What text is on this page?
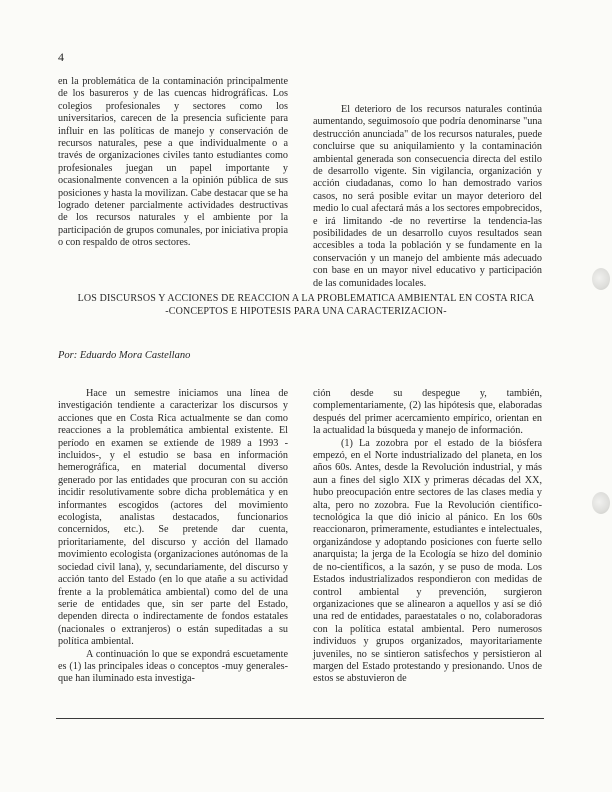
4

en la problemática de la contaminación principalmente de los basureros y de las cuencas hidrográficas. Los colegios profesionales y sectores como los universitarios, carecen de la presencia suficiente para influir en las políticas de manejo y conservación de recursos naturales, pese a que individualmente o a través de organizaciones civiles tanto estudiantes como profesionales juegan un papel importante y ocasionalmente convencen a la opinión pública de sus posiciones y hasta la movilizan. Cabe destacar que se ha logrado detener parcialmente actividades destructivas de los recursos naturales y el ambiente por la participación de grupos comunales, por iniciativa propia o con respaldo de otros sectores.

El deterioro de los recursos naturales continúa aumentando, seguimosoío que podría denominarse "una destrucción anunciada" de los recursos naturales, puede concluirse que su aniquilamiento y la contaminación ambiental generada son consecuencia directa del estilo de desarrollo vigente. Sin vigilancia, organización y acción ciudadanas, como lo han demostrado varios casos, no será posible evitar un mayor deterioro del medio lo cual afectará más a los sectores empobrecidos, e irá limitando -de no revertirse la tendencia-las posibilidades de un desarrollo cuyos resultados sean accesibles a toda la población y se fundamente en la conservación y un manejo del ambiente más adecuado con base en un mayor nivel educativo y participación de las comunidades locales.

LOS DISCURSOS Y ACCIONES DE REACCION A LA PROBLEMATICA AMBIENTAL EN COSTA RICA
-CONCEPTOS E HIPOTESIS PARA UNA CARACTERIZACION-
Por: Eduardo Mora Castellano

Hace un semestre iniciamos una línea de investigación tendiente a caracterizar los discursos y acciones que en Costa Rica actualmente se dan como reacciones a la problemática ambiental existente. El período en examen se extiende de 1989 a 1993 -incluidos-, y el estudio se basa en información hemerográfica, en material documental diverso generado por las entidades que procuran con su acción incidir resolutivamente sobre dicha problemática y en informantes escogidos (actores del movimiento ecologista, analistas destacados, funcionarios concernidos, etc.). Se pretende dar cuenta, prioritariamente, del discurso y acción del llamado movimiento ecologista (organizaciones autónomas de la sociedad civil lana), y, secundariamente, del discurso y acción tanto del Estado (en lo que atañe a su actividad frente a la problemática ambiental) como del de una serie de entidades que, sin ser parte del Estado, dependen directa o indirectamente de fondos estatales (nacionales o extranjeros) o están supeditadas a su política ambiental.

A continuación lo que se expondrá escuetamente es (1) las principales ideas o conceptos -muy generales- que han iluminado esta investiga-

ción desde su despegue y, también, complementariamente, (2) las hipótesis que, elaboradas después del primer acercamiento empírico, orientan en la actualidad la búsqueda y manejo de información.

(1) La zozobra por el estado de la biósfera empezó, en el Norte industrializado del planeta, en los años 60s. Antes, desde la Revolución industrial, y más aun a fines del siglo XIX y primeras décadas del XX, hubo preocupación entre sectores de las clases media y alta, pero no zozobra. Fue la Revolución científico-tecnológica la que dió inicio al pánico. En los 60s reaccionaron, primeramente, estudiantes e intelectuales, organizándose y adoptando posiciones con fuerte sello anarquista; la jerga de la Ecología se hizo del dominio de no-científicos, a la sazón, y se puso de moda. Los Estados industrializados respondieron con medidas de control ambiental y prevención, surgieron organizaciones que se alinearon a aquellos y así se dió una red de entidades, paraestatales o no, colaboradoras con la política estatal ambiental. Pero numerosos individuos y grupos organizados, mayoritariamente juveniles, no se sintieron satisfechos y persistieron al margen del Estado protestando y presionando. Unos de estos se abstuvieron de
